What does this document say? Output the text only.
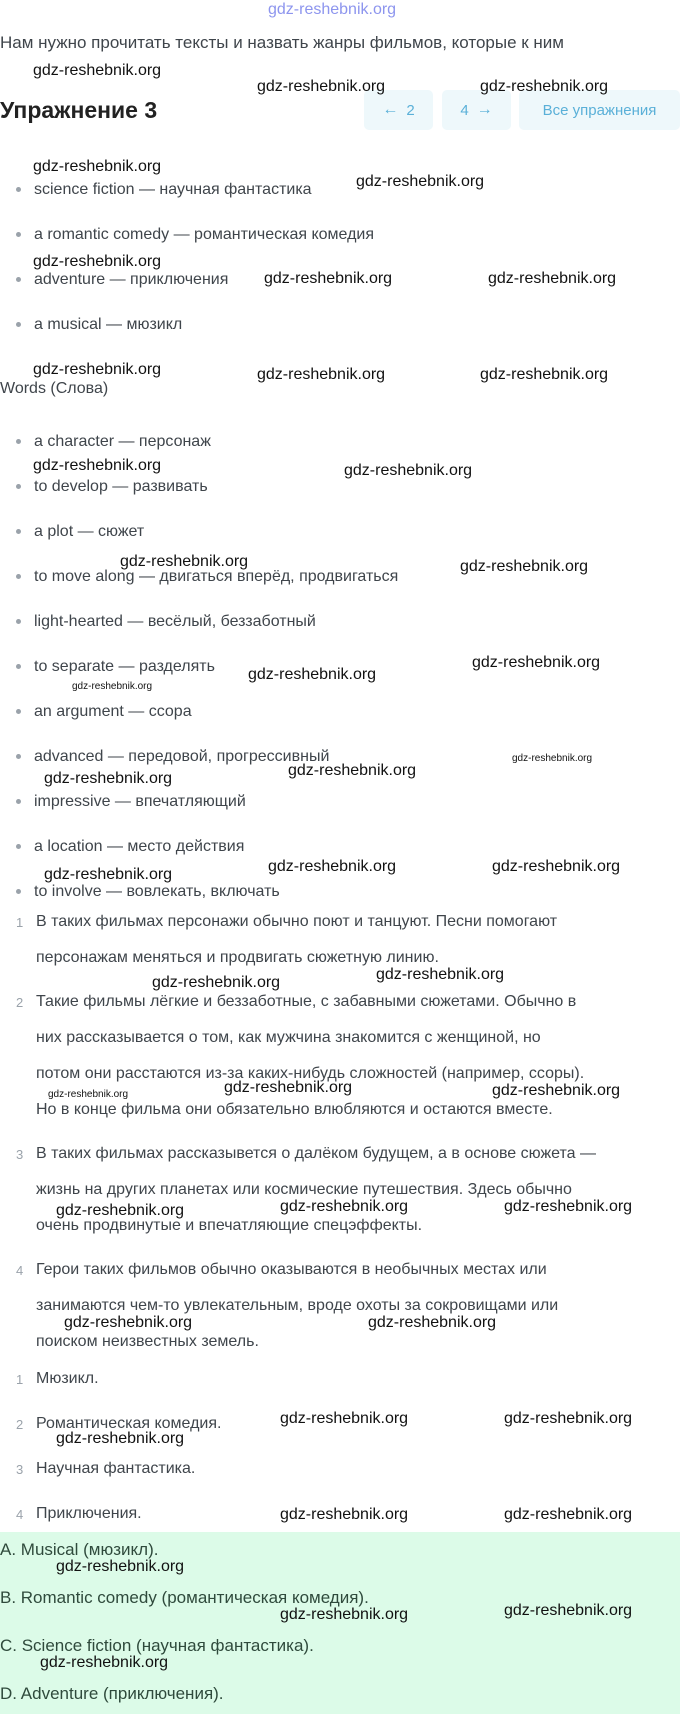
gdz-reshebnik.org
Нам нужно прочитать тексты и назвать жанры фильмов, которые к ним
Упражнение 3	← 2	4 →	Все упражнения
science fiction — научная фантастика
a romantic comedy — романтическая комедия
adventure — приключения
a musical — мюзикл
Words (Слова)
a character — персонаж
to develop — развивать
a plot — сюжет
to move along — двигаться вперёд, продвигаться
light-hearted — весёлый, беззаботный
to separate — разделять
an argument — ссора
advanced — передовой, прогрессивный
impressive — впечатляющий
a location — место действия
to involve — вовлекать, включать
1 В таких фильмах персонажи обычно поют и танцуют. Песни помогают
персонажам меняться и продвигать сюжетную линию.
2 Такие фильмы лёгкие и беззаботные, с забавными сюжетами. Обычно в
них рассказывается о том, как мужчина знакомится с женщиной, но
потом они расстаются из-за каких-нибудь сложностей (например, ссоры).
Но в конце фильма они обязательно влюбляются и остаются вместе.
3 В таких фильмах рассказывется о далёком будущем, а в основе сюжета —
жизнь на других планетах или космические путешествия. Здесь обычно
очень продвинутые и впечатляющие спецэффекты.
4 Герои таких фильмов обычно оказываются в необычных местах или
занимаются чем-то увлекательным, вроде охоты за сокровищами или
поиском неизвестных земель.
1 Мюзикл.
2 Романтическая комедия.
3 Научная фантастика.
4 Приключения.
A. Musical (мюзикл).
B. Romantic comedy (романтическая комедия).
C. Science fiction (научная фантастика).
D. Adventure (приключения).
gdz-reshebnik.org
gdz-reshebnik.org	gdz-reshebnik.org
gdz-reshebnik.org
gdz-reshebnik.org
gdz-reshebnik.org
gdz-reshebnik.org	gdz-reshebnik.org
gdz-reshebnik.org	gdz-reshebnik.org	gdz-reshebnik.org
gdz-reshebnik.org	gdz-reshebnik.org
gdz-reshebnik.org	gdz-reshebnik.org
gdz-reshebnik.org
gdz-reshebnik.org
gdz-reshebnik.org
gdz-reshebnik.org
gdz-reshebnik.org
gdz-reshebnik.org
gdz-reshebnik.org	gdz-reshebnik.org
gdz-reshebnik.org
gdz-reshebnik.org
gdz-reshebnik.org
gdz-reshebnik.org	gdz-reshebnik.org
gdz-reshebnik.org
gdz-reshebnik.org	gdz-reshebnik.org
gdz-reshebnik.org
gdz-reshebnik.org	gdz-reshebnik.org
gdz-reshebnik.org	gdz-reshebnik.org
gdz-reshebnik.org
gdz-reshebnik.org	gdz-reshebnik.org
gdz-reshebnik.org
gdz-reshebnik.org	gdz-reshebnik.org
gdz-reshebnik.org
